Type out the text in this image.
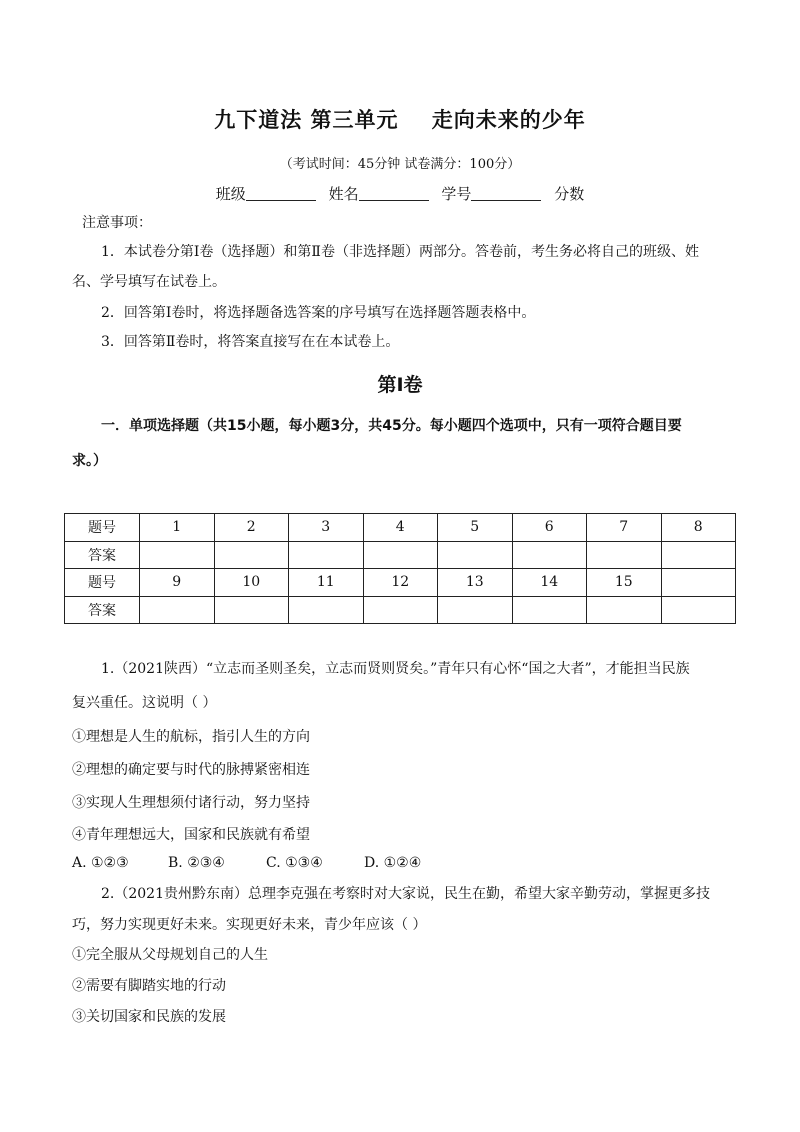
九下道法 第三单元    走向未来的少年
（考试时间：45分钟 试卷满分：100分）
班级	姓名	学号	分数
注意事项：
1．本试卷分第Ⅰ卷（选择题）和第Ⅱ卷（非选择题）两部分。答卷前，考生务必将自己的班级、姓
名、学号填写在试卷上。
2．回答第Ⅰ卷时，将选择题备选答案的序号填写在选择题答题表格中。
3．回答第Ⅱ卷时，将答案直接写在在本试卷上。
第Ⅰ卷
一．单项选择题（共15小题，每小题3分，共45分。每小题四个选项中，只有一项符合题目要
求。）
题号	1	2	3	4	5	6	7	8
答案								
题号	9	10	11	12	13	14	15	
答案								
1.（2021陕西）“立志而圣则圣矣，立志而贤则贤矣。”青年只有心怀“国之大者”，才能担当民族
复兴重任。这说明（ ）
①理想是人生的航标，指引人生的方向
②理想的确定要与时代的脉搏紧密相连
③实现人生理想须付诸行动，努力坚持
④青年理想远大，国家和民族就有希望
A. ①②③	B. ②③④	C. ①③④	D. ①②④
2.（2021贵州黔东南）总理李克强在考察时对大家说，民生在勤，希望大家辛勤劳动，掌握更多技
巧，努力实现更好未来。实现更好未来，青少年应该（ ）
①完全服从父母规划自己的人生
②需要有脚踏实地的行动
③关切国家和民族的发展
